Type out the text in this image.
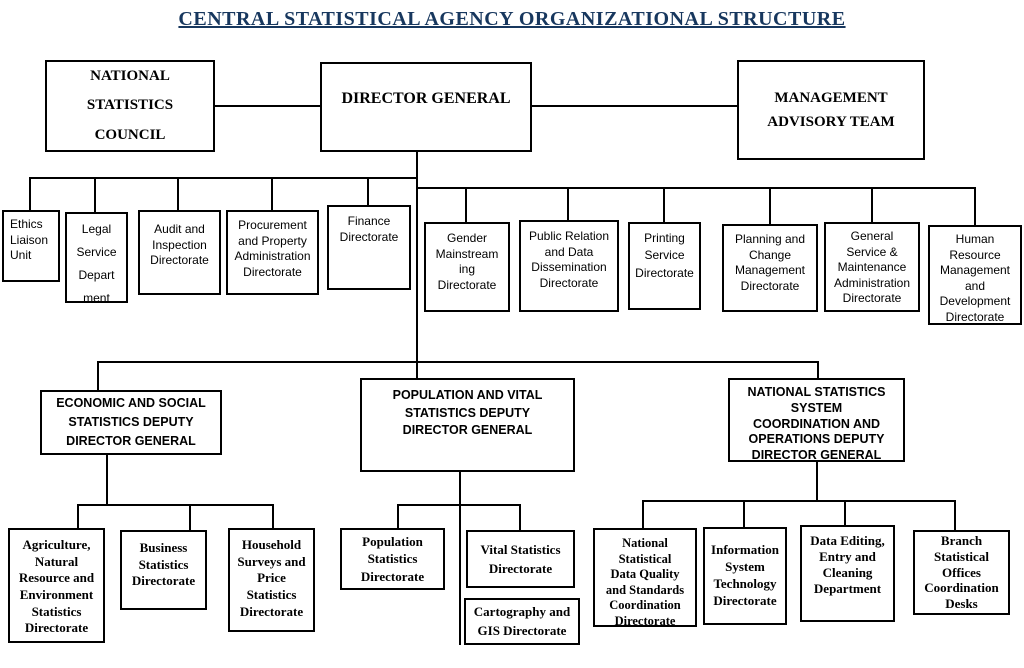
CENTRAL STATISTICAL AGENCY ORGANIZATIONAL STRUCTURE
NATIONAL
STATISTICS
COUNCIL
DIRECTOR GENERAL	MANAGEMENT
ADVISORY TEAM
Ethics
Liaison
Unit
Legal
Service
Depart
ment
Audit and
Inspection
Directorate
Procurement
and Property
Administration
Directorate
Finance
Directorate	Gender
Mainstream
ing
Directorate
Public Relation
and Data
Dissemination
Directorate
Printing
Service
Directorate
Planning and
Change
Management
Directorate
General
Service &
Maintenance
Administration
Directorate
Human
Resource
Management
and
Development
Directorate
ECONOMIC AND SOCIAL
STATISTICS DEPUTY
DIRECTOR GENERAL
POPULATION AND VITAL
STATISTICS DEPUTY
DIRECTOR GENERAL
NATIONAL STATISTICS
SYSTEM
COORDINATION AND
OPERATIONS DEPUTY
DIRECTOR GENERAL
Agriculture,
Natural
Resource and
Environment
Statistics
Directorate
Business
Statistics
Directorate
Household
Surveys and
Price
Statistics
Directorate
Population
Statistics
Directorate
Vital Statistics
Directorate
Cartography and
GIS Directorate
National
Statistical
Data Quality
and Standards
Coordination
Directorate
Information
System
Technology
Directorate
Data Editing,
Entry and
Cleaning
Department
Branch
Statistical
Offices
Coordination
Desks
